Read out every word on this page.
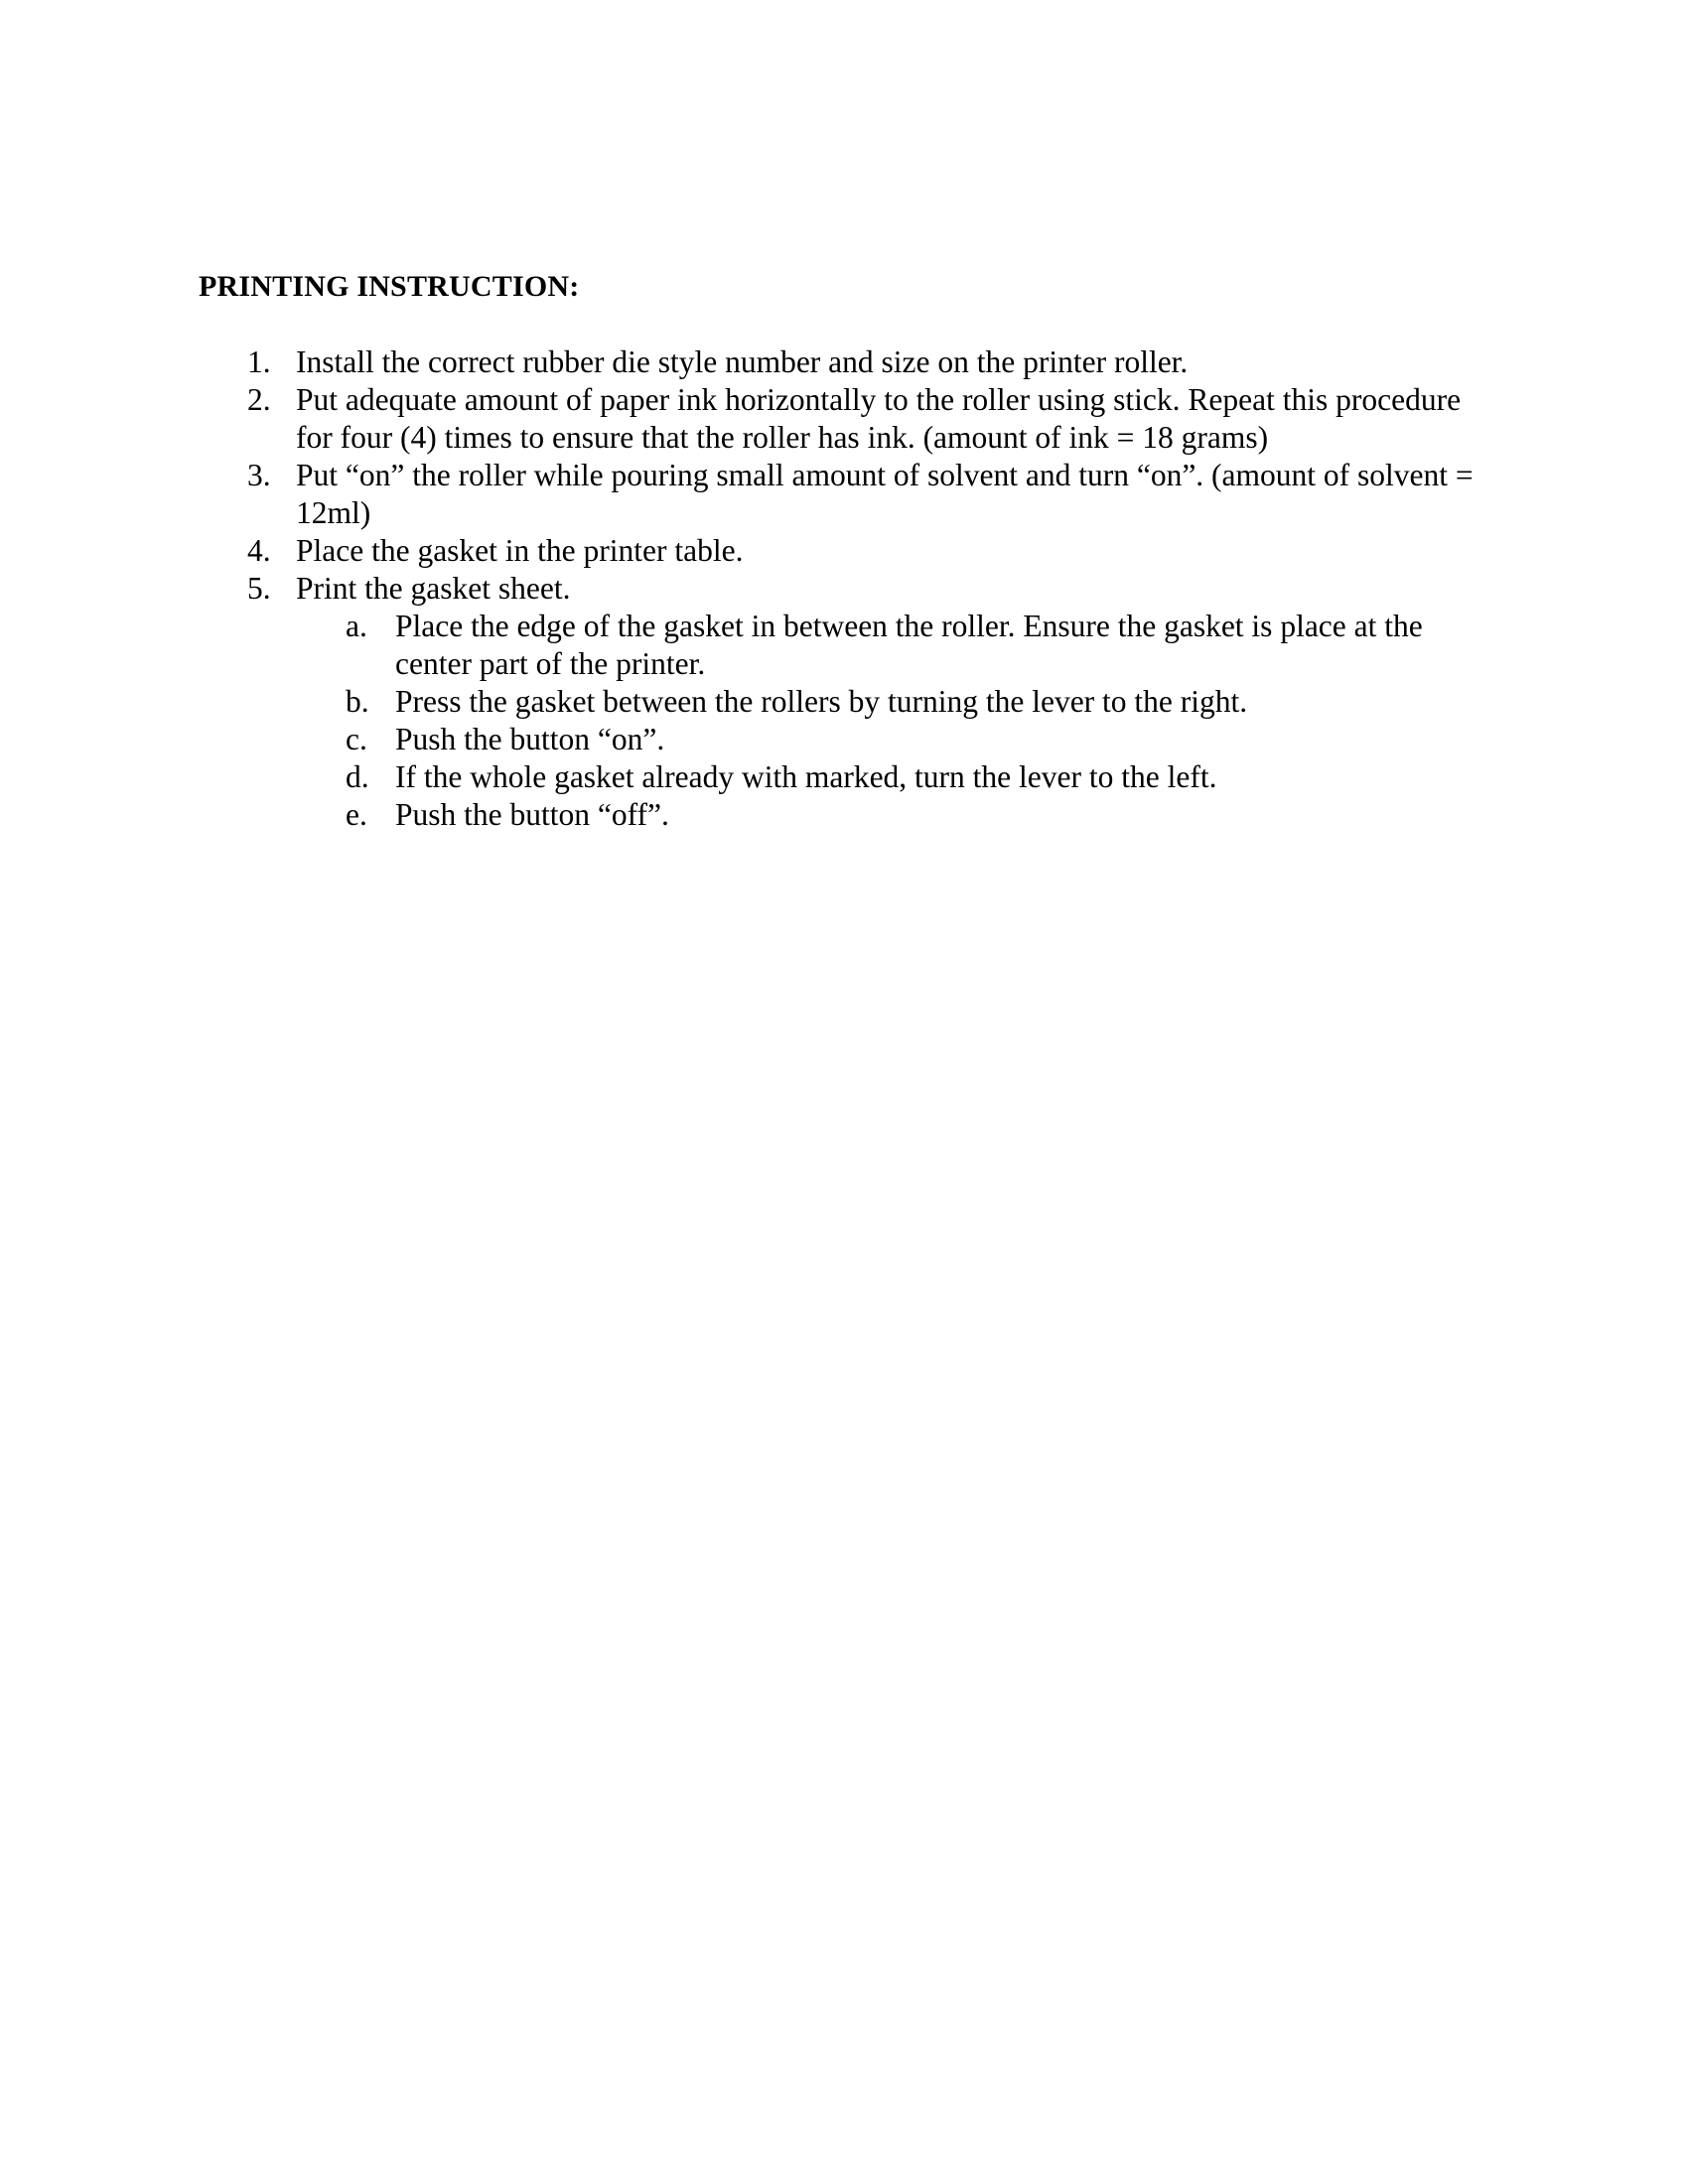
PRINTING INSTRUCTION:
1. Install the correct rubber die style number and size on the printer roller.
2. Put adequate amount of paper ink horizontally to the roller using stick. Repeat this procedure for four (4) times to ensure that the roller has ink. (amount of ink = 18 grams)
3. Put “on” the roller while pouring small amount of solvent and turn “on”. (amount of solvent = 12ml)
4. Place the gasket in the printer table.
5. Print the gasket sheet.
a. Place the edge of the gasket in between the roller. Ensure the gasket is place at the center part of the printer.
b. Press the gasket between the rollers by turning the lever to the right.
c. Push the button “on”.
d. If the whole gasket already with marked, turn the lever to the left.
e. Push the button “off”.
